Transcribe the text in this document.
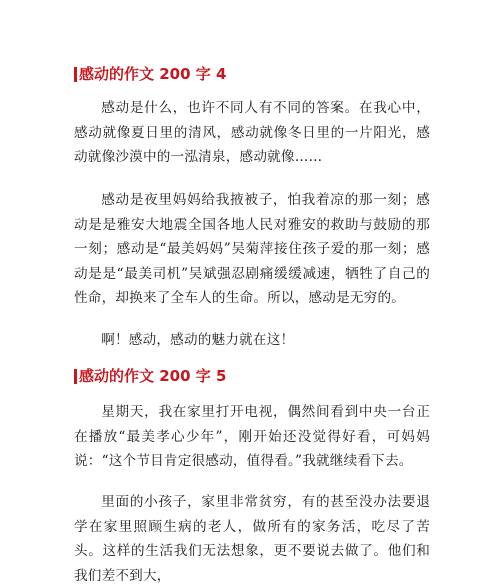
感动的作文 200 字 4

感动是什么，也许不同人有不同的答案。在我心中，感动就像夏日里的清风，感动就像冬日里的一片阳光，感动就像沙漠中的一泓清泉，感动就像……

感动是夜里妈妈给我掖被子，怕我着凉的那一刻；感动是是雅安大地震全国各地人民对雅安的救助与鼓励的那一刻；感动是“最美妈妈”吴菊萍接住孩子爱的那一刻；感动是是“最美司机”吴斌强忍剧痛缓缓减速，牺牲了自己的性命，却换来了全车人的生命。所以，感动是无穷的。

啊！感动，感动的魅力就在这！

感动的作文 200 字 5

星期天，我在家里打开电视，偶然间看到中央一台正在播放“最美孝心少年”，刚开始还没觉得好看，可妈妈说：“这个节目肯定很感动，值得看。”我就继续看下去。

里面的小孩子，家里非常贫穷，有的甚至没办法要退学在家里照顾生病的老人，做所有的家务活，吃尽了苦头。这样的生活我们无法想象，更不要说去做了。他们和我们差不到大，
